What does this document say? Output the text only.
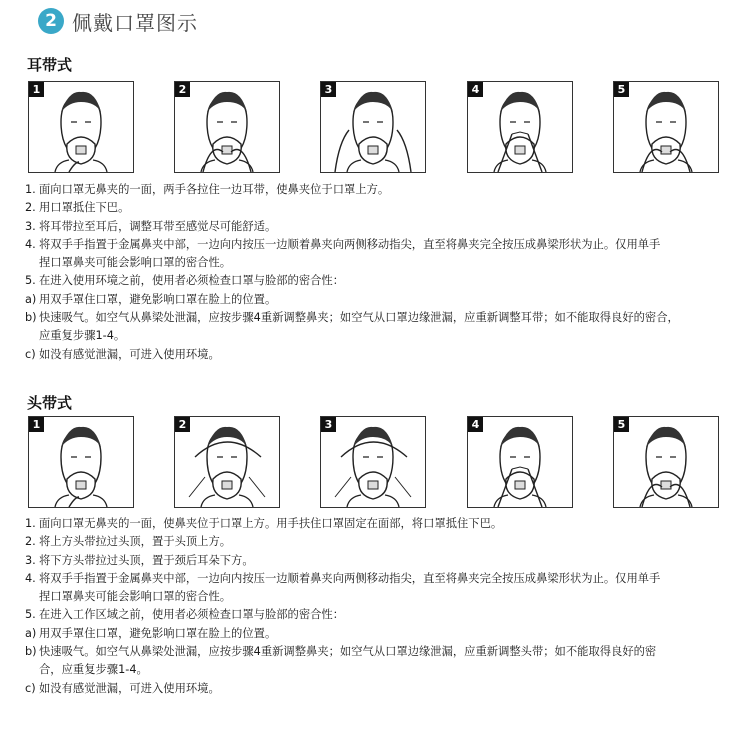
2 佩戴口罩图示
耳带式
1	2	3	4	5
1. 面向口罩无鼻夹的一面，两手各拉住一边耳带，使鼻夹位于口罩上方。
2. 用口罩抵住下巴。
3. 将耳带拉至耳后，调整耳带至感觉尽可能舒适。
4. 将双手手指置于金属鼻夹中部，一边向内按压一边顺着鼻夹向两侧移动指尖，直至将鼻夹完全按压成鼻梁形状为止。仅用单手
捏口罩鼻夹可能会影响口罩的密合性。
5. 在进入使用环境之前，使用者必须检查口罩与脸部的密合性：
a) 用双手罩住口罩，避免影响口罩在脸上的位置。
b) 快速吸气。如空气从鼻梁处泄漏，应按步骤4重新调整鼻夹；如空气从口罩边缘泄漏，应重新调整耳带；如不能取得良好的密合，
应重复步骤1-4。
c) 如没有感觉泄漏，可进入使用环境。
头带式
1	2	3	4	5
1. 面向口罩无鼻夹的一面，使鼻夹位于口罩上方。用手扶住口罩固定在面部，将口罩抵住下巴。
2. 将上方头带拉过头顶，置于头顶上方。
3. 将下方头带拉过头顶，置于颈后耳朵下方。
4. 将双手手指置于金属鼻夹中部，一边向内按压一边顺着鼻夹向两侧移动指尖，直至将鼻夹完全按压成鼻梁形状为止。仅用单手
捏口罩鼻夹可能会影响口罩的密合性。
5. 在进入工作区域之前，使用者必须检查口罩与脸部的密合性：
a) 用双手罩住口罩，避免影响口罩在脸上的位置。
b) 快速吸气。如空气从鼻梁处泄漏，应按步骤4重新调整鼻夹；如空气从口罩边缘泄漏，应重新调整头带；如不能取得良好的密
合，应重复步骤1-4。
c) 如没有感觉泄漏，可进入使用环境。
